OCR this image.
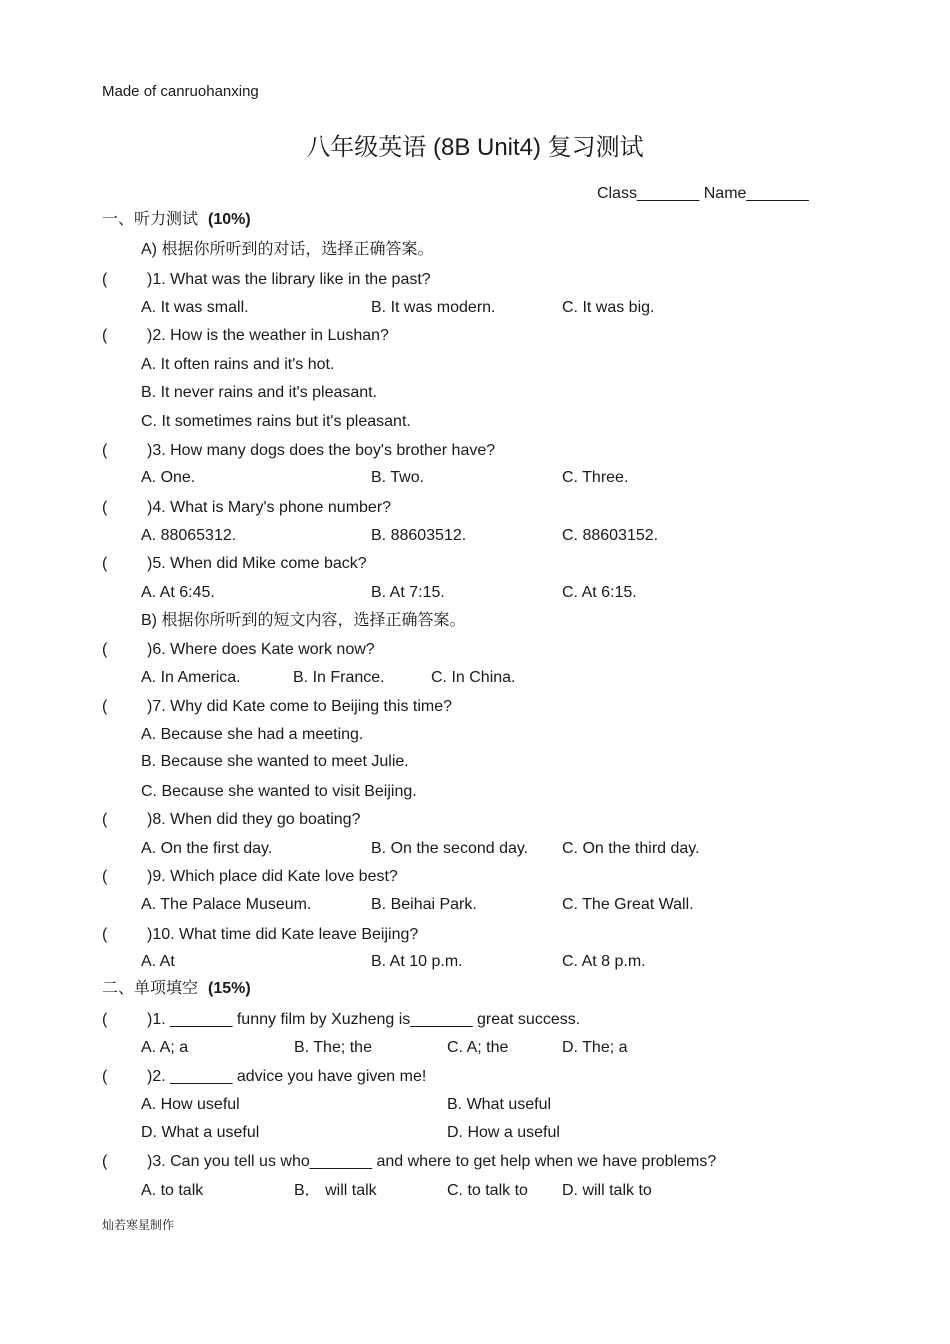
Made of canruohanxing
八年级英语 (8B Unit4) 复习测试
Class_______ Name_______
一、听力测试 (10%)
A) 根据你所听到的对话，选择正确答案。
( )1. What was the library like in the past?
A. It was small.	B. It was modern.	C. It was big.
( )2. How is the weather in Lushan?
A. It often rains and it's hot.
B. It never rains and it's pleasant.
C. It sometimes rains but it's pleasant.
( )3. How many dogs does the boy's brother have?
A. One.	B. Two.	C. Three.
( )4. What is Mary's phone number?
A. 88065312.	B. 88603512.	C. 88603152.
( )5. When did Mike come back?
A. At 6:45.	B. At 7:15.	C. At 6:15.
B) 根据你所听到的短文内容，选择正确答案。
( )6. Where does Kate work now?
A. In America.	B. In France.	C. In China.
( )7. Why did Kate come to Beijing this time?
A. Because she had a meeting.
B. Because she wanted to meet Julie.
C. Because she wanted to visit Beijing.
( )8. When did they go boating?
A. On the first day.	B. On the second day. C. On the third day.
( )9. Which place did Kate love best?
A. The Palace Museum.	B. Beihai Park.	C. The Great Wall.
( )10. What time did Kate leave Beijing?
A. At	B. At 10 p.m.	C. At 8 p.m.
二、单项填空 (15%)
( )1. _______ funny film by Xuzheng is_______ great success.
A. A; a	B. The; the	C. A; the	D. The; a
( )2. _______ advice you have given me!
A. How useful	B. What useful
D. What a useful	D. How a useful
( )3. Can you tell us who_______ and where to get help when we have problems?
A. to talk	B． will talk	C. to talk to D. will talk to
灿若寒星制作
